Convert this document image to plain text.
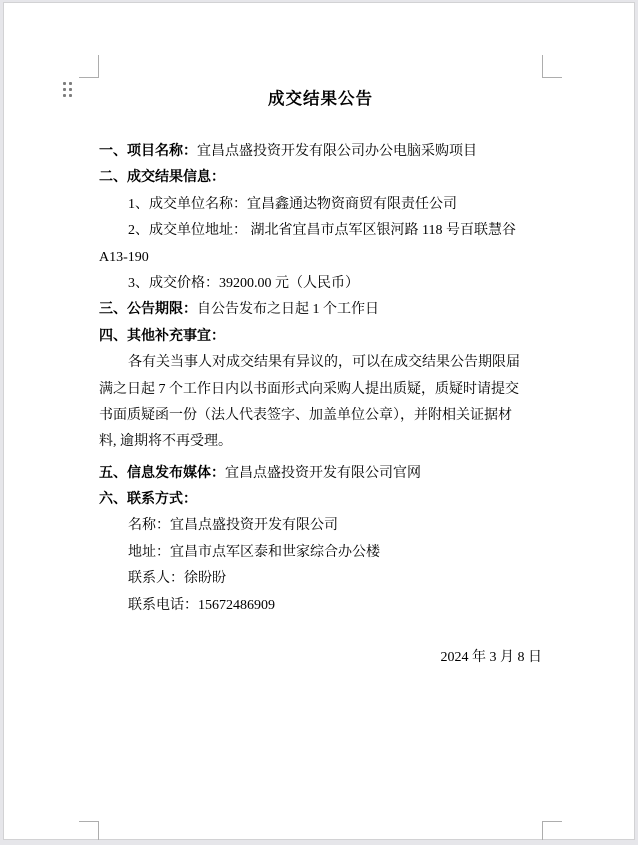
成交结果公告
一、项目名称：宜昌点盛投资开发有限公司办公电脑采购项目
二、成交结果信息：
1、成交单位名称：宜昌鑫通达物资商贸有限责任公司
2、成交单位地址： 湖北省宜昌市点军区银河路 118 号百联慧谷
A13-190
3、成交价格：39200.00 元（人民币）
三、公告期限：自公告发布之日起 1 个工作日
四、其他补充事宜：
各有关当事人对成交结果有异议的，可以在成交结果公告期限届
满之日起 7 个工作日内以书面形式向采购人提出质疑，质疑时请提交
书面质疑函一份（法人代表签字、加盖单位公章），并附相关证据材
料, 逾期将不再受理。
五、信息发布媒体：宜昌点盛投资开发有限公司官网
六、联系方式：
名称：宜昌点盛投资开发有限公司
地址：宜昌市点军区泰和世家综合办公楼
联系人：徐盼盼
联系电话：15672486909
2024 年 3 月 8 日
